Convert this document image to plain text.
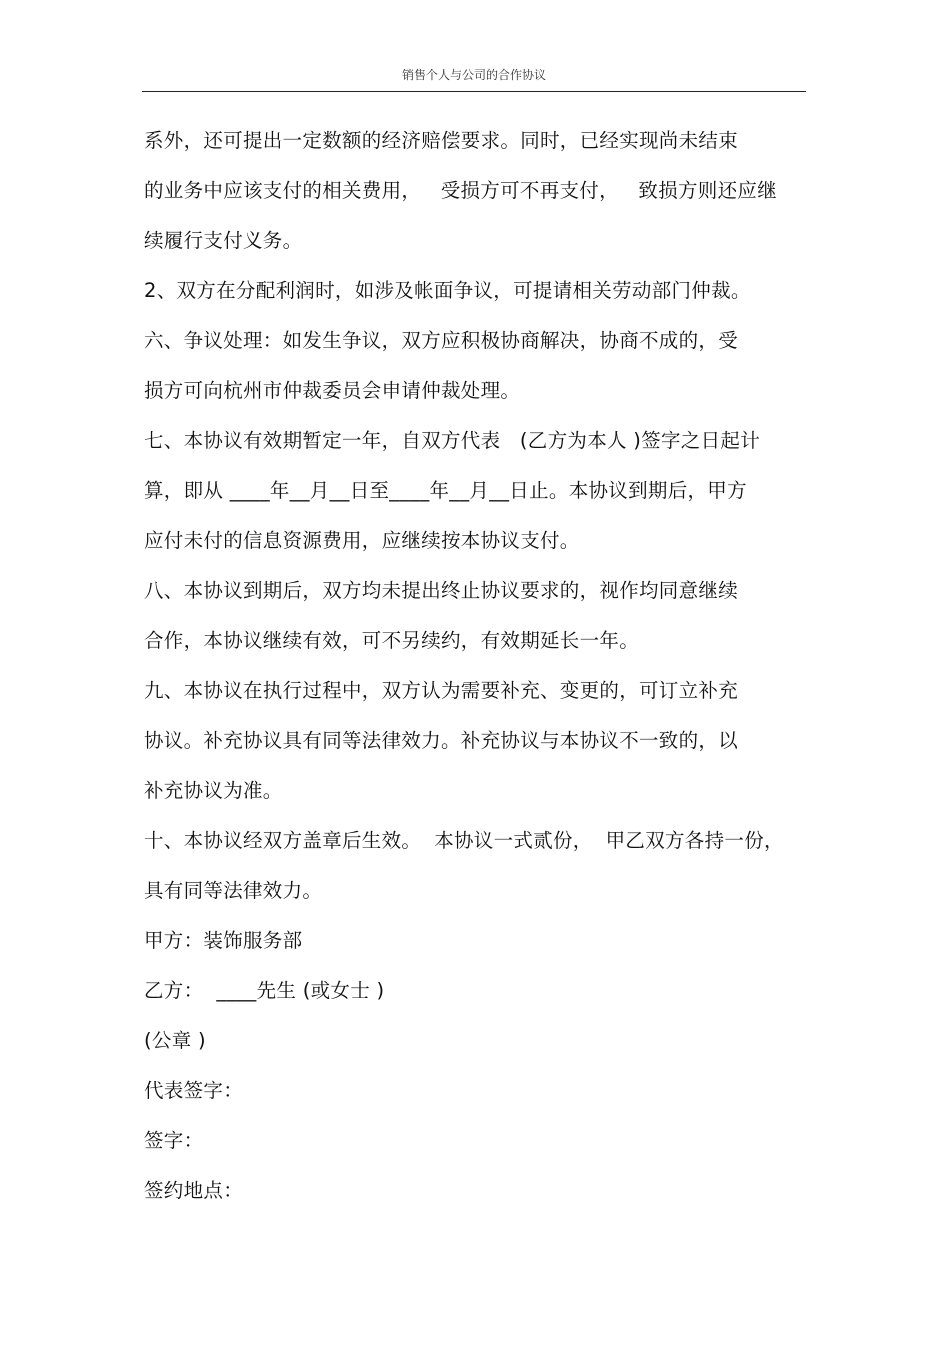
销售个人与公司的合作协议
系外，还可提出一定数额的经济赔偿要求。同时，已经实现尚未结束
的业务中应该支付的相关费用，   受损方可不再支付，   致损方则还应继
续履行支付义务。
2、双方在分配利润时，如涉及帐面争议，可提请相关劳动部门仲裁。
六、争议处理：如发生争议，双方应积极协商解决，协商不成的，受
损方可向杭州市仲裁委员会申请仲裁处理。
七、本协议有效期暂定一年，自双方代表   (乙方为本人 )签字之日起计
算，即从 ____年__月__日至____年__月__日止。本协议到期后，甲方
应付未付的信息资源费用，应继续按本协议支付。
八、本协议到期后，双方均未提出终止协议要求的，视作均同意继续
合作，本协议继续有效，可不另续约，有效期延长一年。
九、本协议在执行过程中，双方认为需要补充、变更的，可订立补充
协议。补充协议具有同等法律效力。补充协议与本协议不一致的，以
补充协议为准。
十、本协议经双方盖章后生效。  本协议一式贰份，  甲乙双方各持一份，
具有同等法律效力。
甲方：装饰服务部
乙方：  ____先生 (或女士 )
(公章 )
代表签字：
签字：
签约地点：
